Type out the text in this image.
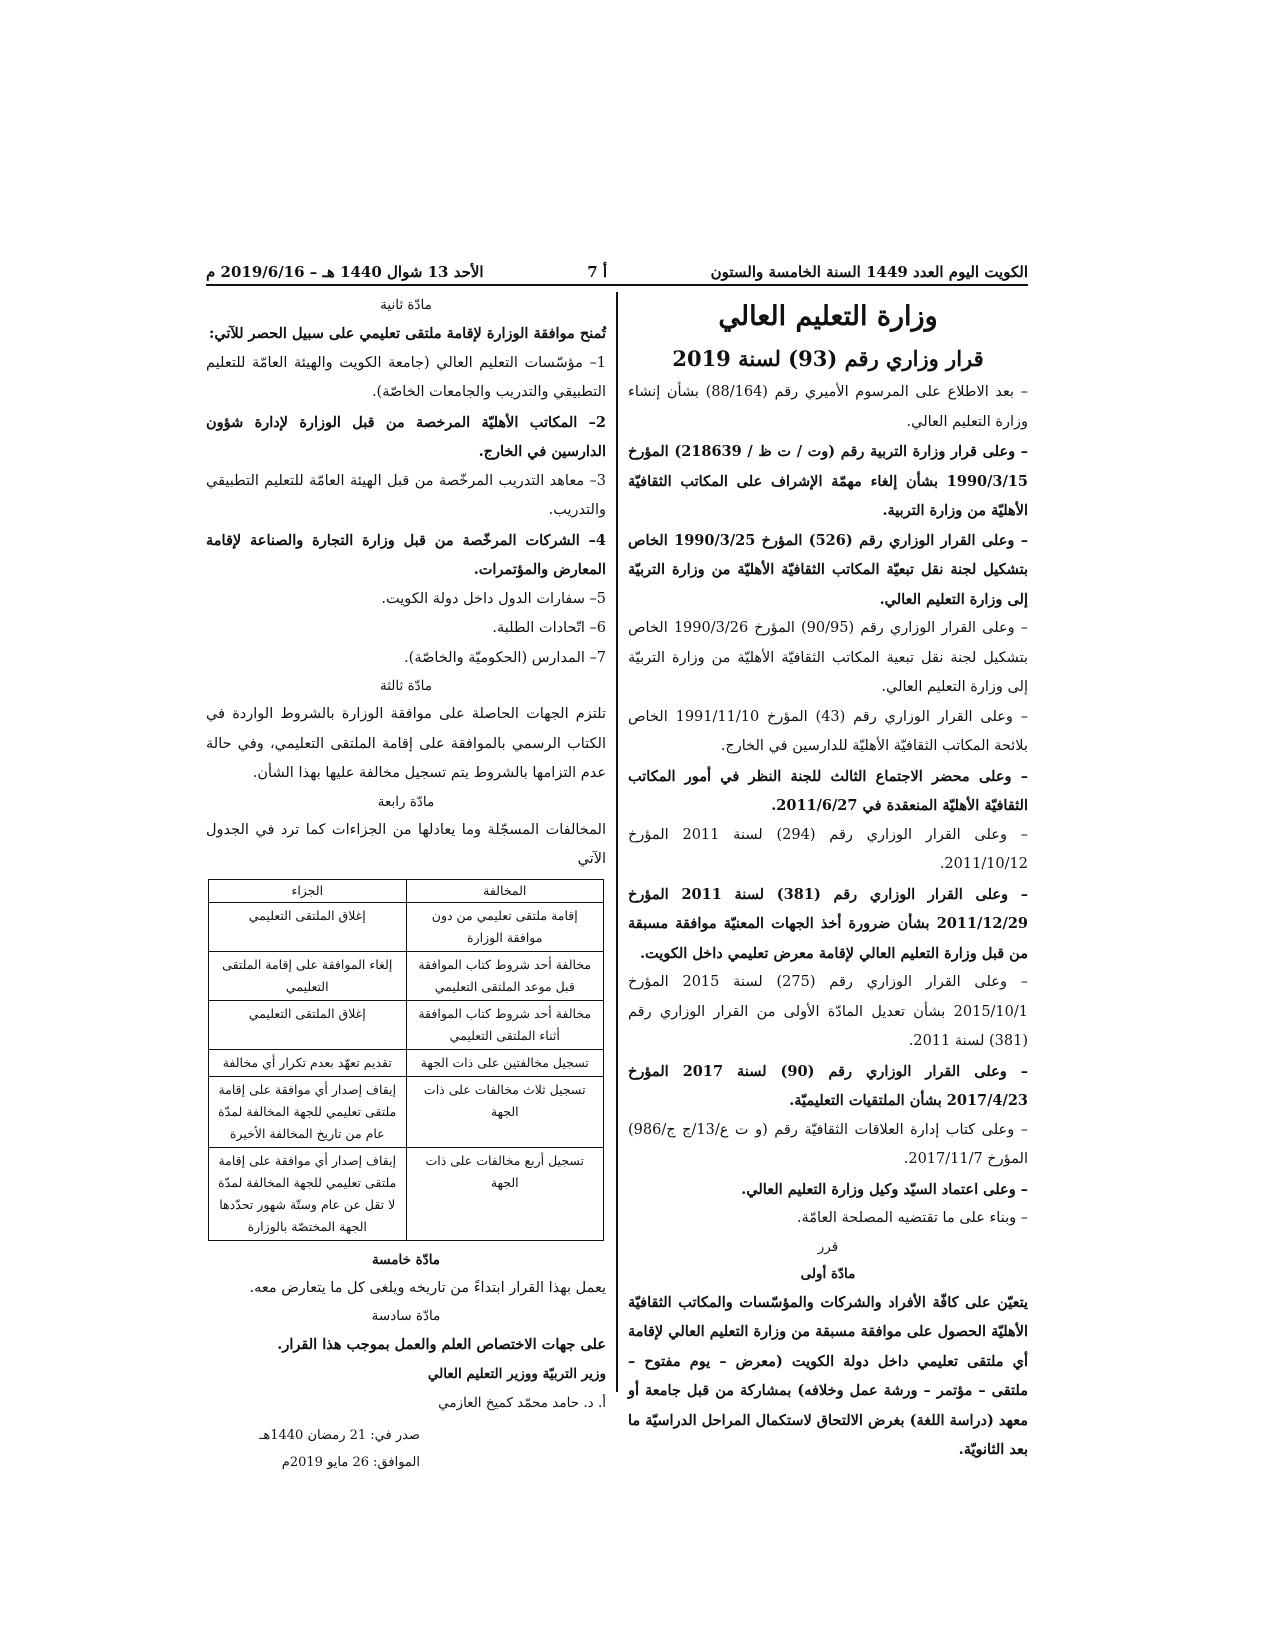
الكويت اليوم العدد 1449 السنة الخامسة والستون
أ 7
الأحد 13 شوال 1440 هـ – 2019/6/16 م
وزارة التعليم العالي
قرار وزاري رقم (93) لسنة 2019

– بعد الاطلاع على المرسوم الأميري رقم (88/164) بشأن إنشاء وزارة التعليم العالي.

– وعلى قرار وزارة التربية رقم (وت / ت ظ / 218639) المؤرخ 1990/3/15 بشأن إلغاء مهمّة الإشراف على المكاتب الثقافيّة الأهليّة من وزارة التربية.

– وعلى القرار الوزاري رقم (526) المؤرخ 1990/3/25 الخاص بتشكيل لجنة نقل تبعيّة المكاتب الثقافيّة الأهليّة من وزارة التربيّة إلى وزارة التعليم العالي.

– وعلى القرار الوزاري رقم (90/95) المؤرخ 1990/3/26 الخاص بتشكيل لجنة نقل تبعية المكاتب الثقافيّة الأهليّة من وزارة التربيّة إلى وزارة التعليم العالي.

– وعلى القرار الوزاري رقم (43) المؤرخ 1991/11/10 الخاص بلائحة المكاتب الثقافيّة الأهليّة للدارسين في الخارج.

– وعلى محضر الاجتماع الثالث للجنة النظر في أمور المكاتب الثقافيّة الأهليّة المنعقدة في 2011/6/27.

– وعلى القرار الوزاري رقم (294) لسنة 2011 المؤرخ 2011/10/12.

– وعلى القرار الوزاري رقم (381) لسنة 2011 المؤرخ 2011/12/29 بشأن ضرورة أخذ الجهات المعنيّة موافقة مسبقة من قبل وزارة التعليم العالي لإقامة معرض تعليمي داخل الكويت.

– وعلى القرار الوزاري رقم (275) لسنة 2015 المؤرخ 2015/10/1 بشأن تعديل المادّة الأولى من القرار الوزاري رقم (381) لسنة 2011.

– وعلى القرار الوزاري رقم (90) لسنة 2017 المؤرخ 2017/4/23 بشأن الملتقيات التعليميّة.

– وعلى كتاب إدارة العلاقات الثقافيّة رقم (و ت ع/13/ج ج/986) المؤرخ 2017/11/7.

– وعلى اعتماد السيّد وكيل وزارة التعليم العالي.

– وبناء على ما تقتضيه المصلحة العامّة.

قرر

مادّة أولى

يتعيّن على كافّة الأفراد والشركات والمؤسّسات والمكاتب الثقافيّة الأهليّة الحصول على موافقة مسبقة من وزارة التعليم العالي لإقامة أي ملتقى تعليمي داخل دولة الكويت (معرض – يوم مفتوح – ملتقى – مؤتمر – ورشة عمل وخلافه) بمشاركة من قبل جامعة أو معهد (دراسة اللغة) بغرض الالتحاق لاستكمال المراحل الدراسيّة ما بعد الثانويّة.

مادّة ثانية

تُمنح موافقة الوزارة لإقامة ملتقى تعليمي على سبيل الحصر للآتي:

1– مؤسّسات التعليم العالي (جامعة الكويت والهيئة العامّة للتعليم التطبيقي والتدريب والجامعات الخاصّة).

2– المكاتب الأهليّة المرخصة من قبل الوزارة لإدارة شؤون الدارسين في الخارج.

3– معاهد التدريب المرخّصة من قبل الهيئة العامّة للتعليم التطبيقي والتدريب.

4– الشركات المرخّصة من قبل وزارة التجارة والصناعة لإقامة المعارض والمؤتمرات.

5– سفارات الدول داخل دولة الكويت.

6– اتّحادات الطلبة.

7– المدارس (الحكوميّة والخاصّة).

مادّة ثالثة

تلتزم الجهات الحاصلة على موافقة الوزارة بالشروط الواردة في الكتاب الرسمي بالموافقة على إقامة الملتقى التعليمي، وفي حالة عدم التزامها بالشروط يتم تسجيل مخالفة عليها بهذا الشأن.

مادّة رابعة

المخالفات المسجّلة وما يعادلها من الجزاءات كما ترد في الجدول الآتي

المخالفة	الجزاء
إقامة ملتقى تعليمي من دون موافقة الوزارة	إغلاق الملتقى التعليمي
مخالفة أحد شروط كتاب الموافقة قبل موعد الملتقى التعليمي	إلغاء الموافقة على إقامة الملتقى التعليمي
مخالفة أحد شروط كتاب الموافقة أثناء الملتقى التعليمي	إغلاق الملتقى التعليمي
تسجيل مخالفتين على ذات الجهة	تقديم تعهّد بعدم تكرار أي مخالفة
تسجيل ثلاث مخالفات على ذات الجهة	إيقاف إصدار أي موافقة على إقامة ملتقى تعليمي للجهة المخالفة لمدّة عام من تاريخ المخالفة الأخيرة
تسجيل أربع مخالفات على ذات الجهة	إيقاف إصدار أي موافقة على إقامة ملتقى تعليمي للجهة المخالفة لمدّة لا تقل عن عام وستّة شهور تحدّدها الجهة المختصّة بالوزارة

مادّة خامسة

يعمل بهذا القرار ابتداءً من تاريخه ويلغى كل ما يتعارض معه.

مادّة سادسة

على جهات الاختصاص العلم والعمل بموجب هذا القرار.

وزير التربيّة ووزير التعليم العالي

أ. د. حامد محمّد كميخ العازمي

صدر في: 21 رمضان 1440هـ
الموافق: 26 مايو 2019م
